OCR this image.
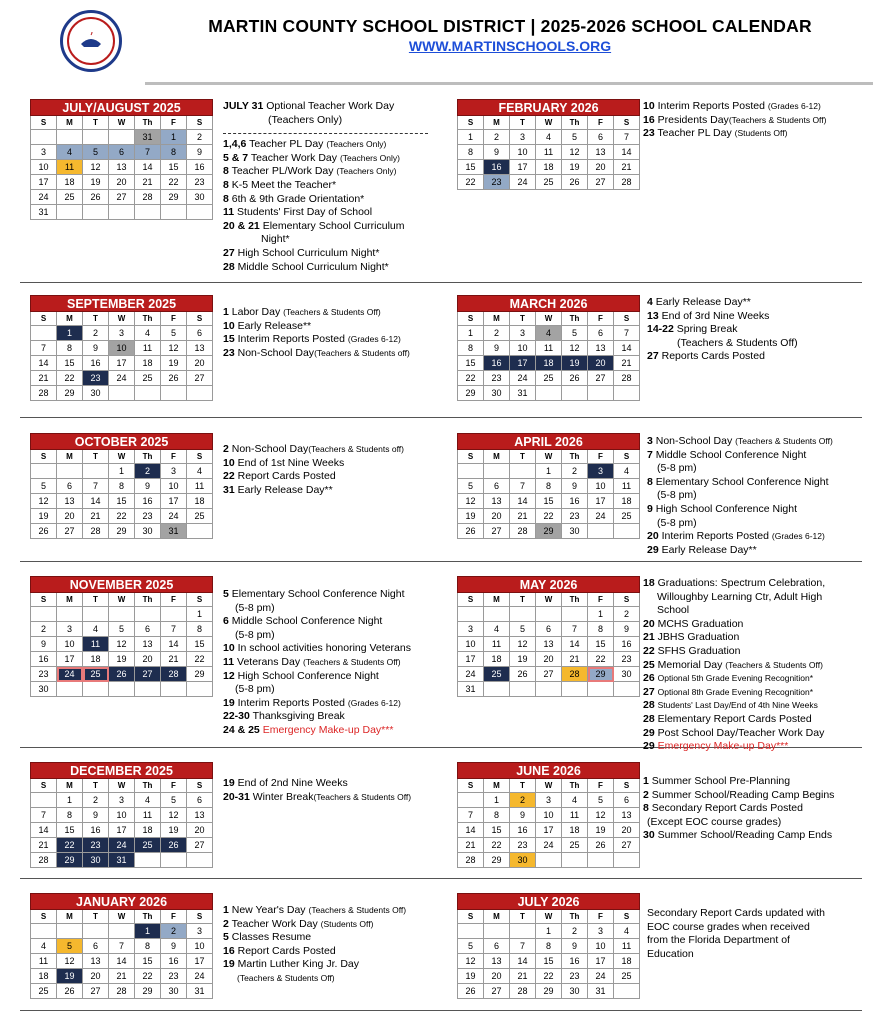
MARTIN COUNTY SCHOOL DISTRICT | 2025-2026 SCHOOL CALENDAR
WWW.MARTINSCHOOLS.ORG
JULY/AUGUST 2025						
S	M	T	W	Th	F	S
				31	1	2
3	4	5	6	7	8	9
10	11	12	13	14	15	16
17	18	19	20	21	22	23
24	25	26	27	28	29	30
31						
FEBRUARY 2026						
S	M	T	W	Th	F	S
1	2	3	4	5	6	7
8	9	10	11	12	13	14
15	16	17	18	19	20	21
22	23	24	25	26	27	28
SEPTEMBER 2025						
S	M	T	W	Th	F	S
	1	2	3	4	5	6
7	8	9	10	11	12	13
14	15	16	17	18	19	20
21	22	23	24	25	26	27
28	29	30				
MARCH 2026						
S	M	T	W	Th	F	S
1	2	3	4	5	6	7
8	9	10	11	12	13	14
15	16	17	18	19	20	21
22	23	24	25	26	27	28
29	30	31				
OCTOBER 2025						
S	M	T	W	Th	F	S
			1	2	3	4
5	6	7	8	9	10	11
12	13	14	15	16	17	18
19	20	21	22	23	24	25
26	27	28	29	30	31	
APRIL 2026						
S	M	T	W	Th	F	S
			1	2	3	4
5	6	7	8	9	10	11
12	13	14	15	16	17	18
19	20	21	22	23	24	25
26	27	28	29	30		
NOVEMBER 2025						
S	M	T	W	Th	F	S
						1
2	3	4	5	6	7	8
9	10	11	12	13	14	15
16	17	18	19	20	21	22
23	24	25	26	27	28	29
30						
MAY 2026						
S	M	T	W	Th	F	S
					1	2
3	4	5	6	7	8	9
10	11	12	13	14	15	16
17	18	19	20	21	22	23
24	25	26	27	28	29	30
31						
DECEMBER 2025						
S	M	T	W	Th	F	S
	1	2	3	4	5	6
7	8	9	10	11	12	13
14	15	16	17	18	19	20
21	22	23	24	25	26	27
28	29	30	31			
JUNE 2026						
S	M	T	W	Th	F	S
	1	2	3	4	5	6
7	8	9	10	11	12	13
14	15	16	17	18	19	20
21	22	23	24	25	26	27
28	29	30				
JANUARY 2026						
S	M	T	W	Th	F	S
				1	2	3
4	5	6	7	8	9	10
11	12	13	14	15	16	17
18	19	20	21	22	23	24
25	26	27	28	29	30	31
JULY 2026						
S	M	T	W	Th	F	S
			1	2	3	4
5	6	7	8	9	10	11
12	13	14	15	16	17	18
19	20	21	22	23	24	25
26	27	28	29	30	31	
JULY 31 Optional Teacher Work Day
(Teachers Only)
1,4,6 Teacher PL Day (Teachers Only)
5 & 7 Teacher Work Day (Teachers Only)
8 Teacher PL/Work Day (Teachers Only)
8 K-5 Meet the Teacher*
8 6th & 9th Grade Orientation*
11 Students' First Day of School
20 & 21 Elementary School Curriculum
Night*
27 High School Curriculum Night*
28 Middle School Curriculum Night*
10 Interim Reports Posted (Grades 6-12)
16 Presidents Day(Teachers & Students Off)
23 Teacher PL Day (Students Off)
1 Labor Day (Teachers & Students Off)
10 Early Release**
15 Interim Reports Posted (Grades 6-12)
23 Non-School Day(Teachers & Students off)
4 Early Release Day**
13 End of 3rd Nine Weeks
14-22 Spring Break
(Teachers & Students Off)
27 Reports Cards Posted
2 Non-School Day(Teachers & Students off)
10 End of 1st Nine Weeks
22 Report Cards Posted
31 Early Release Day**
3 Non-School Day (Teachers & Students Off)
7 Middle School Conference Night
(5-8 pm)
8 Elementary School Conference Night
(5-8 pm)
9 High School Conference Night
(5-8 pm)
20 Interim Reports Posted (Grades 6-12)
29 Early Release Day**
5 Elementary School Conference Night
(5-8 pm)
6 Middle School Conference Night
(5-8 pm)
10 In school activities honoring Veterans
11 Veterans Day (Teachers & Students Off)
12 High School Conference Night
(5-8 pm)
19 Interim Reports Posted (Grades 6-12)
22-30 Thanksgiving Break
24 & 25 Emergency Make-up Day***
18 Graduations: Spectrum Celebration,
Willoughby Learning Ctr, Adult High
School
20 MCHS Graduation
21 JBHS Graduation
22 SFHS Graduation
25 Memorial Day (Teachers & Students Off)
26 Optional 5th Grade Evening Recognition*
27 Optional 8th Grade Evening Recognition*
28 Students' Last Day/End of 4th Nine Weeks
28 Elementary Report Cards Posted
29 Post School Day/Teacher Work Day
29 Emergency Make-up Day***
19 End of 2nd Nine Weeks
20-31 Winter Break(Teachers & Students Off)
1 Summer School Pre-Planning
2 Summer School/Reading Camp Begins
8 Secondary Report Cards Posted
(Except EOC course grades)
30 Summer School/Reading Camp Ends
1 New Year's Day (Teachers & Students Off)
2 Teacher Work Day (Students Off)
5 Classes Resume
16 Report Cards Posted
19 Martin Luther King Jr. Day
(Teachers & Students Off)
Secondary Report Cards updated with
EOC course grades when received
from the Florida Department of
Education
